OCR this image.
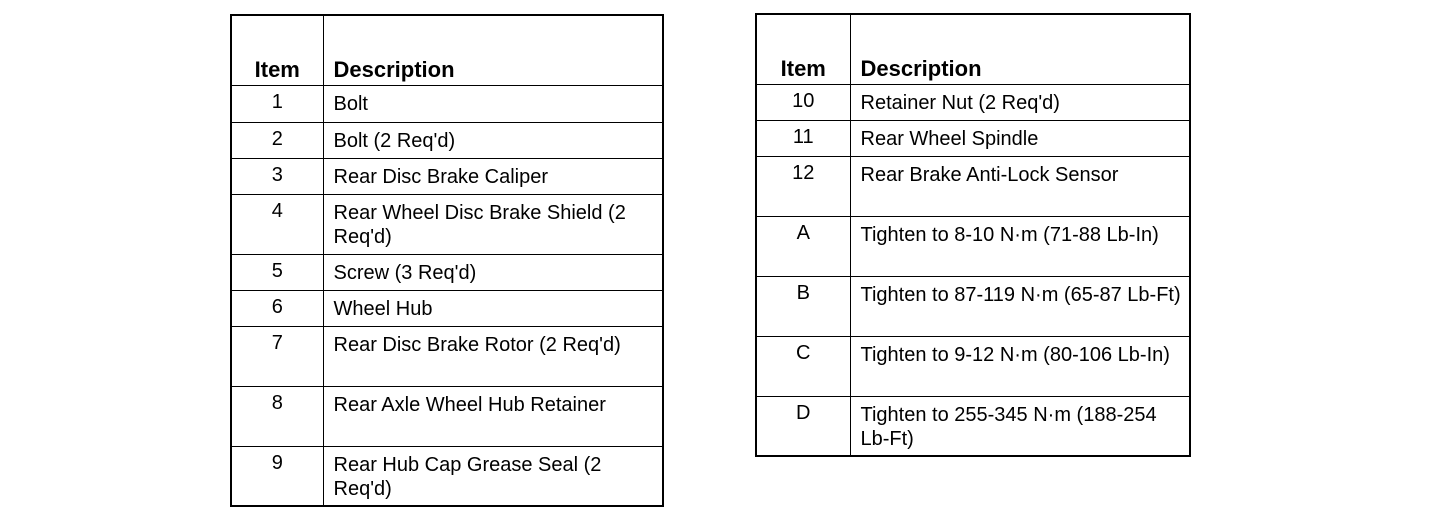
Item	Description
1	Bolt
2	Bolt (2 Req'd)
3	Rear Disc Brake Caliper
4	Rear Wheel Disc Brake Shield (2 Req'd)
5	Screw (3 Req'd)
6	Wheel Hub
7	Rear Disc Brake Rotor (2 Req'd)
8	Rear Axle Wheel Hub Retainer
9	Rear Hub Cap Grease Seal (2 Req'd)
Item	Description
10	Retainer Nut (2 Req'd)
11	Rear Wheel Spindle
12	Rear Brake Anti-Lock Sensor
A	Tighten to 8-10 N·m (71-88 Lb-In)
B	Tighten to 87-119 N·m (65-87 Lb-Ft)
C	Tighten to 9-12 N·m (80-106 Lb-In)
D	Tighten to 255-345 N·m (188-254 Lb-Ft)
